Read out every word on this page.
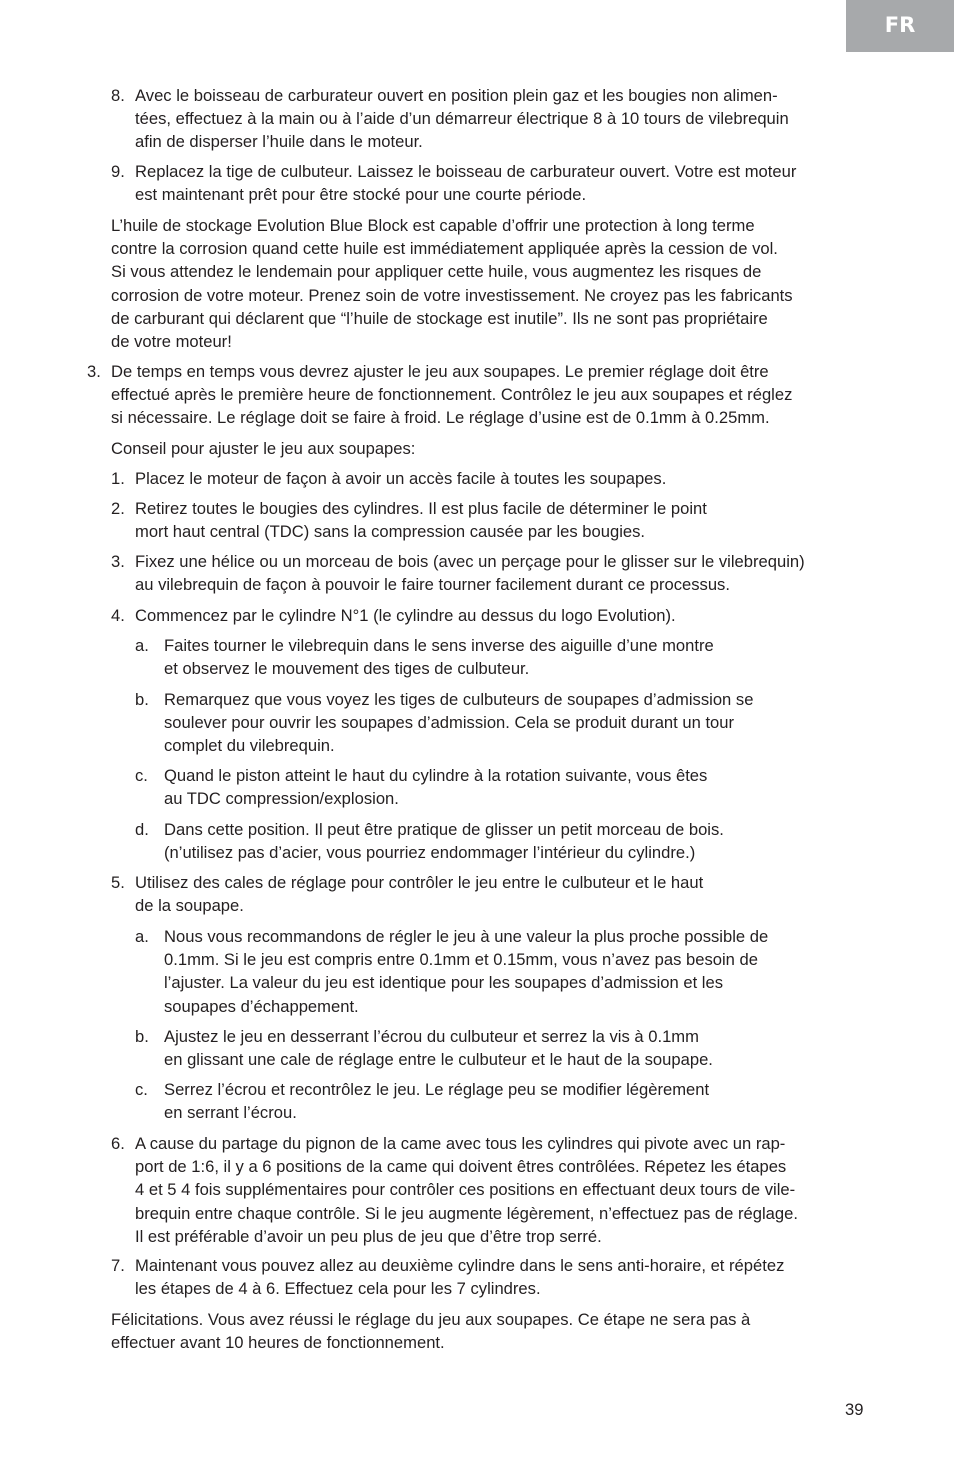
FR
8. Avec le boisseau de carburateur ouvert en position plein gaz et les bougies non alimen-
tées, effectuez à la main ou à l’aide d’un démarreur électrique 8 à 10 tours de vilebrequin
afin de disperser l’huile dans le moteur.
9. Replacez la tige de culbuteur. Laissez le boisseau de carburateur ouvert. Votre est moteur
est maintenant prêt pour être stocké pour une courte période.
L’huile de stockage Evolution Blue Block est capable d’offrir une protection à long terme
contre la corrosion quand cette huile est immédiatement appliquée après la cession de vol.
Si vous attendez le lendemain pour appliquer cette huile, vous augmentez les risques de
corrosion de votre moteur. Prenez soin de votre investissement. Ne croyez pas les fabricants
de carburant qui déclarent que “l’huile de stockage est inutile”. Ils ne sont pas propriétaire
de votre moteur!
3. De temps en temps vous devrez ajuster le jeu aux soupapes. Le premier réglage doit être
effectué après le première heure de fonctionnement. Contrôlez le jeu aux soupapes et réglez
si nécessaire. Le réglage doit se faire à froid. Le réglage d’usine est de 0.1mm à 0.25mm.
Conseil pour ajuster le jeu aux soupapes:
1. Placez le moteur de façon à avoir un accès facile à toutes les soupapes.
2. Retirez toutes le bougies des cylindres. Il est plus facile de déterminer le point
mort haut central (TDC) sans la compression causée par les bougies.
3. Fixez une hélice ou un morceau de bois (avec un perçage pour le glisser sur le vilebrequin)
au vilebrequin de façon à pouvoir le faire tourner facilement durant ce processus.
4. Commencez par le cylindre N°1 (le cylindre au dessus du logo Evolution).
a. Faites tourner le vilebrequin dans le sens inverse des aiguille d’une montre
et observez le mouvement des tiges de culbuteur.
b. Remarquez que vous voyez les tiges de culbuteurs de soupapes d’admission se
soulever pour ouvrir les soupapes d’admission. Cela se produit durant un tour
complet du vilebrequin.
c. Quand le piston atteint le haut du cylindre à la rotation suivante, vous êtes
au TDC compression/explosion.
d. Dans cette position. Il peut être pratique de glisser un petit morceau de bois.
(n’utilisez pas d’acier, vous pourriez endommager l’intérieur du cylindre.)
5. Utilisez des cales de réglage pour contrôler le jeu entre le culbuteur et le haut
de la soupape.
a. Nous vous recommandons de régler le jeu à une valeur la plus proche possible de
0.1mm. Si le jeu est compris entre 0.1mm et 0.15mm, vous n’avez pas besoin de
l’ajuster. La valeur du jeu est identique pour les soupapes d’admission et les
soupapes d’échappement.
b. Ajustez le jeu en desserrant l’écrou du culbuteur et serrez la vis à 0.1mm
en glissant une cale de réglage entre le culbuteur et le haut de la soupape.
c. Serrez l’écrou et recontrôlez le jeu. Le réglage peu se modifier légèrement
en serrant l’écrou.
6. A cause du partage du pignon de la came avec tous les cylindres qui pivote avec un rap-
port de 1:6, il y a 6 positions de la came qui doivent êtres contrôlées. Répetez les étapes
4 et 5 4 fois supplémentaires pour contrôler ces positions en effectuant deux tours de vile-
brequin entre chaque contrôle. Si le jeu augmente légèrement, n’effectuez pas de réglage.
Il est préférable d’avoir un peu plus de jeu que d’être trop serré.
7. Maintenant vous pouvez allez au deuxième cylindre dans le sens anti-horaire, et répétez
les étapes de 4 à 6. Effectuez cela pour les 7 cylindres.
Félicitations. Vous avez réussi le réglage du jeu aux soupapes. Ce étape ne sera pas à
effectuer avant 10 heures de fonctionnement.
39
